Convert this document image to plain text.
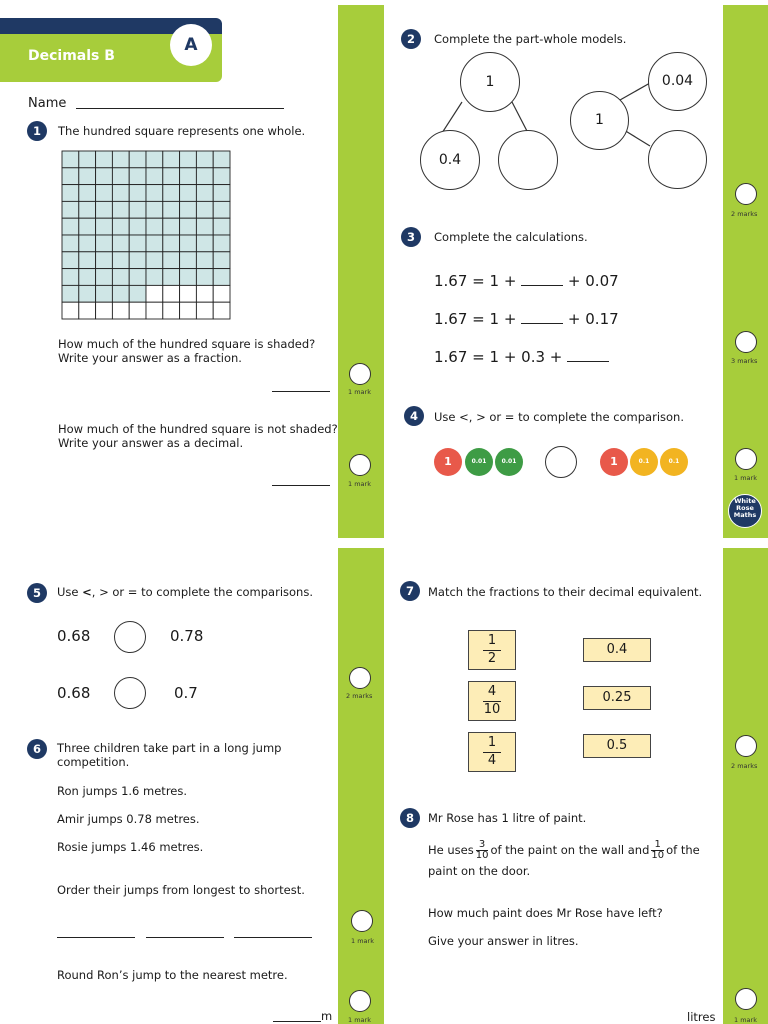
Decimals B
A
Name
1	The hundred square represents one whole.
How much of the hundred square is shaded?
Write your answer as a fraction.
1 mark
How much of the hundred square is not shaded?
Write your answer as a decimal.
1 mark
2	Complete the part-whole models.
1
0.4
1
0.04
2 marks
3	Complete the calculations.
1.67 = 1 +	+ 0.07
1.67 = 1 +	+ 0.17
1.67 = 1 + 0.3 +	3 marks
4	Use <, > or = to complete the comparison.
1	0.01	0.01	1	0.1	0.1
1 mark
White
Rose
Maths
5	Use <, > or = to complete the comparisons.
0.68	0.78
0.68	0.7	2 marks
6	Three children take part in a long jump
competition.
Ron jumps 1.6 metres.
Amir jumps 0.78 metres.
Rosie jumps 1.46 metres.
Order their jumps from longest to shortest.
1 mark
Round Ron’s jump to the nearest metre.
m 1 mark
7	Match the fractions to their decimal equivalent.
1
2
4
10
1
4
0.4
0.25
0.5
2 marks
8	Mr Rose has 1 litre of paint.
He uses $\frac{3}{10}$ of the paint on the wall and $\frac{1}{10}$ of the
paint on the door.
How much paint does Mr Rose have left?
Give your answer in litres.
litres	1 mark
